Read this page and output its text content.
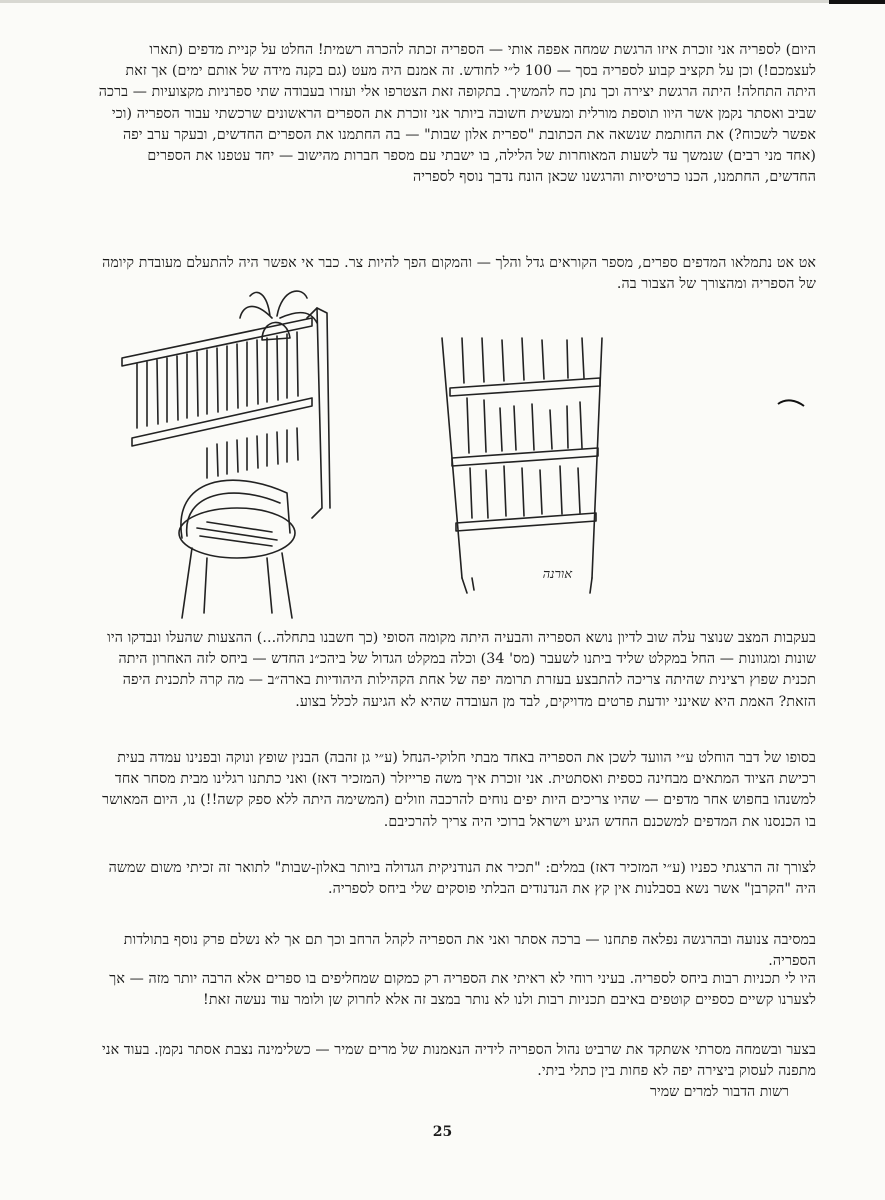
היום) לספריה אני זוכרת איזו הרגשת שמחה אפפה אותי — הספריה זכתה להכרה רשמית! החלט על קניית מדפים (תארו לעצמכם!) וכן על תקציב קבוע לספריה בסך — 100 ל״י לחודש. זה אמנם היה מעט (גם בקנה מידה של אותם ימים) אך זאת היתה התחלה! היתה הרגשת יצירה וכך נתן כח להמשיך. בתקופה זאת הצטרפו אלי ועזרו בעבודה שתי ספרניות מקצועיות — ברכה שביב ואסתר נקמן אשר היוו תוספת מורלית ומעשית חשובה ביותר אני זוכרת את הספרים הראשונים שרכשתי עבור הספריה (וכי אפשר לשכוח?) את החותמת שנשאה את הכתובת "ספרית אלון שבות" — בה החתמנו את הספרים החדשים, ובעקר ערב יפה (אחד מני רבים) שנמשך עד לשעות המאוחרות של הלילה, בו ישבתי עם מספר חברות מהישוב — יחד עטפנו את הספרים החדשים, החתמנו, הכנו כרטיסיות והרגשנו שכאן הונח נדבך נוסף לספריה
אט אט נתמלאו המדפים ספרים, מספר הקוראים גדל והלך — והמקום הפך להיות צר. כבר אי אפשר היה להתעלם מעובדת קיומה של הספריה ומהצורך של הצבור בה.
אורנה
בעקבות המצב שנוצר עלה שוב לדיון נושא הספריה והבעיה היתה מקומה הסופי (כך חשבנו בתחלה...) ההצעות שהעלו ונבדקו היו שונות ומגוונות — החל במקלט שליד ביתנו לשעבר (מס' 34) וכלה במקלט הגדול של ביהכ״נ החדש — ביחס לזה האחרון היתה תכנית שפוץ רצינית שהיתה צריכה להתבצע בעזרת תרומה יפה של אחת הקהילות היהודיות בארה״ב — מה קרה לתכנית היפה הזאת? האמת היא שאינני יודעת פרטים מדויקים, לבד מן העובדה שהיא לא הגיעה לכלל בצוע.
בסופו של דבר הוחלט ע״י הוועד לשכן את הספריה באחד מבתי חלוקי-הנחל (ע״י גן זהבה) הבנין שופץ ונוקה ובפנינו עמדה בעית רכישת הציוד המתאים מבחינה כספית ואסתטית. אני זוכרת איך משה פרייזלר (המזכיר דאז) ואני כתתנו רגלינו מבית מסחר אחד למשנהו בחפוש אחר מדפים — שהיו צריכים היות יפים נוחים להרכבה וזולים (המשימה היתה ללא ספק קשה!!) נו, היום המאושר בו הכנסנו את המדפים למשכנם החדש הגיע וישראל ברוכי היה צריך להרכיבם.
לצורך זה הרצגתי כפניו (ע״י המזכיר דאז) במלים: "תכיר את הנודניקית הגדולה ביותר באלון-שבות" לתואר זה זכיתי משום שמשה היה "הקרבן" אשר נשא בסבלנות אין קץ את הנדנודים הבלתי פוסקים שלי ביחס לספריה.
במסיבה צנועה ובהרגשה נפלאה פתחנו — ברכה אסתר ואני את הספריה לקהל הרחב וכך תם אך לא נשלם פרק נוסף בתולדות הספריה.
היו לי תכניות רבות ביחס לספריה. בעיני רוחי לא ראיתי את הספריה רק כמקום שמחליפים בו ספרים אלא הרבה יותר מזה — אך לצערנו קשיים כספיים קוטפים באיבם תכניות רבות ולנו לא נותר במצב זה אלא לחרוק שן ולומר עוד נעשה זאת!
בצער ובשמחה מסרתי אשתקד את שרביט נהול הספריה לידיה הנאמנות של מרים שמיר — כשלימינה נצבת אסתר נקמן. בעוד אני מתפנה לעסוק ביצירה יפה לא פחות בין כתלי ביתי.
רשות הדבור למרים שמיר
25
